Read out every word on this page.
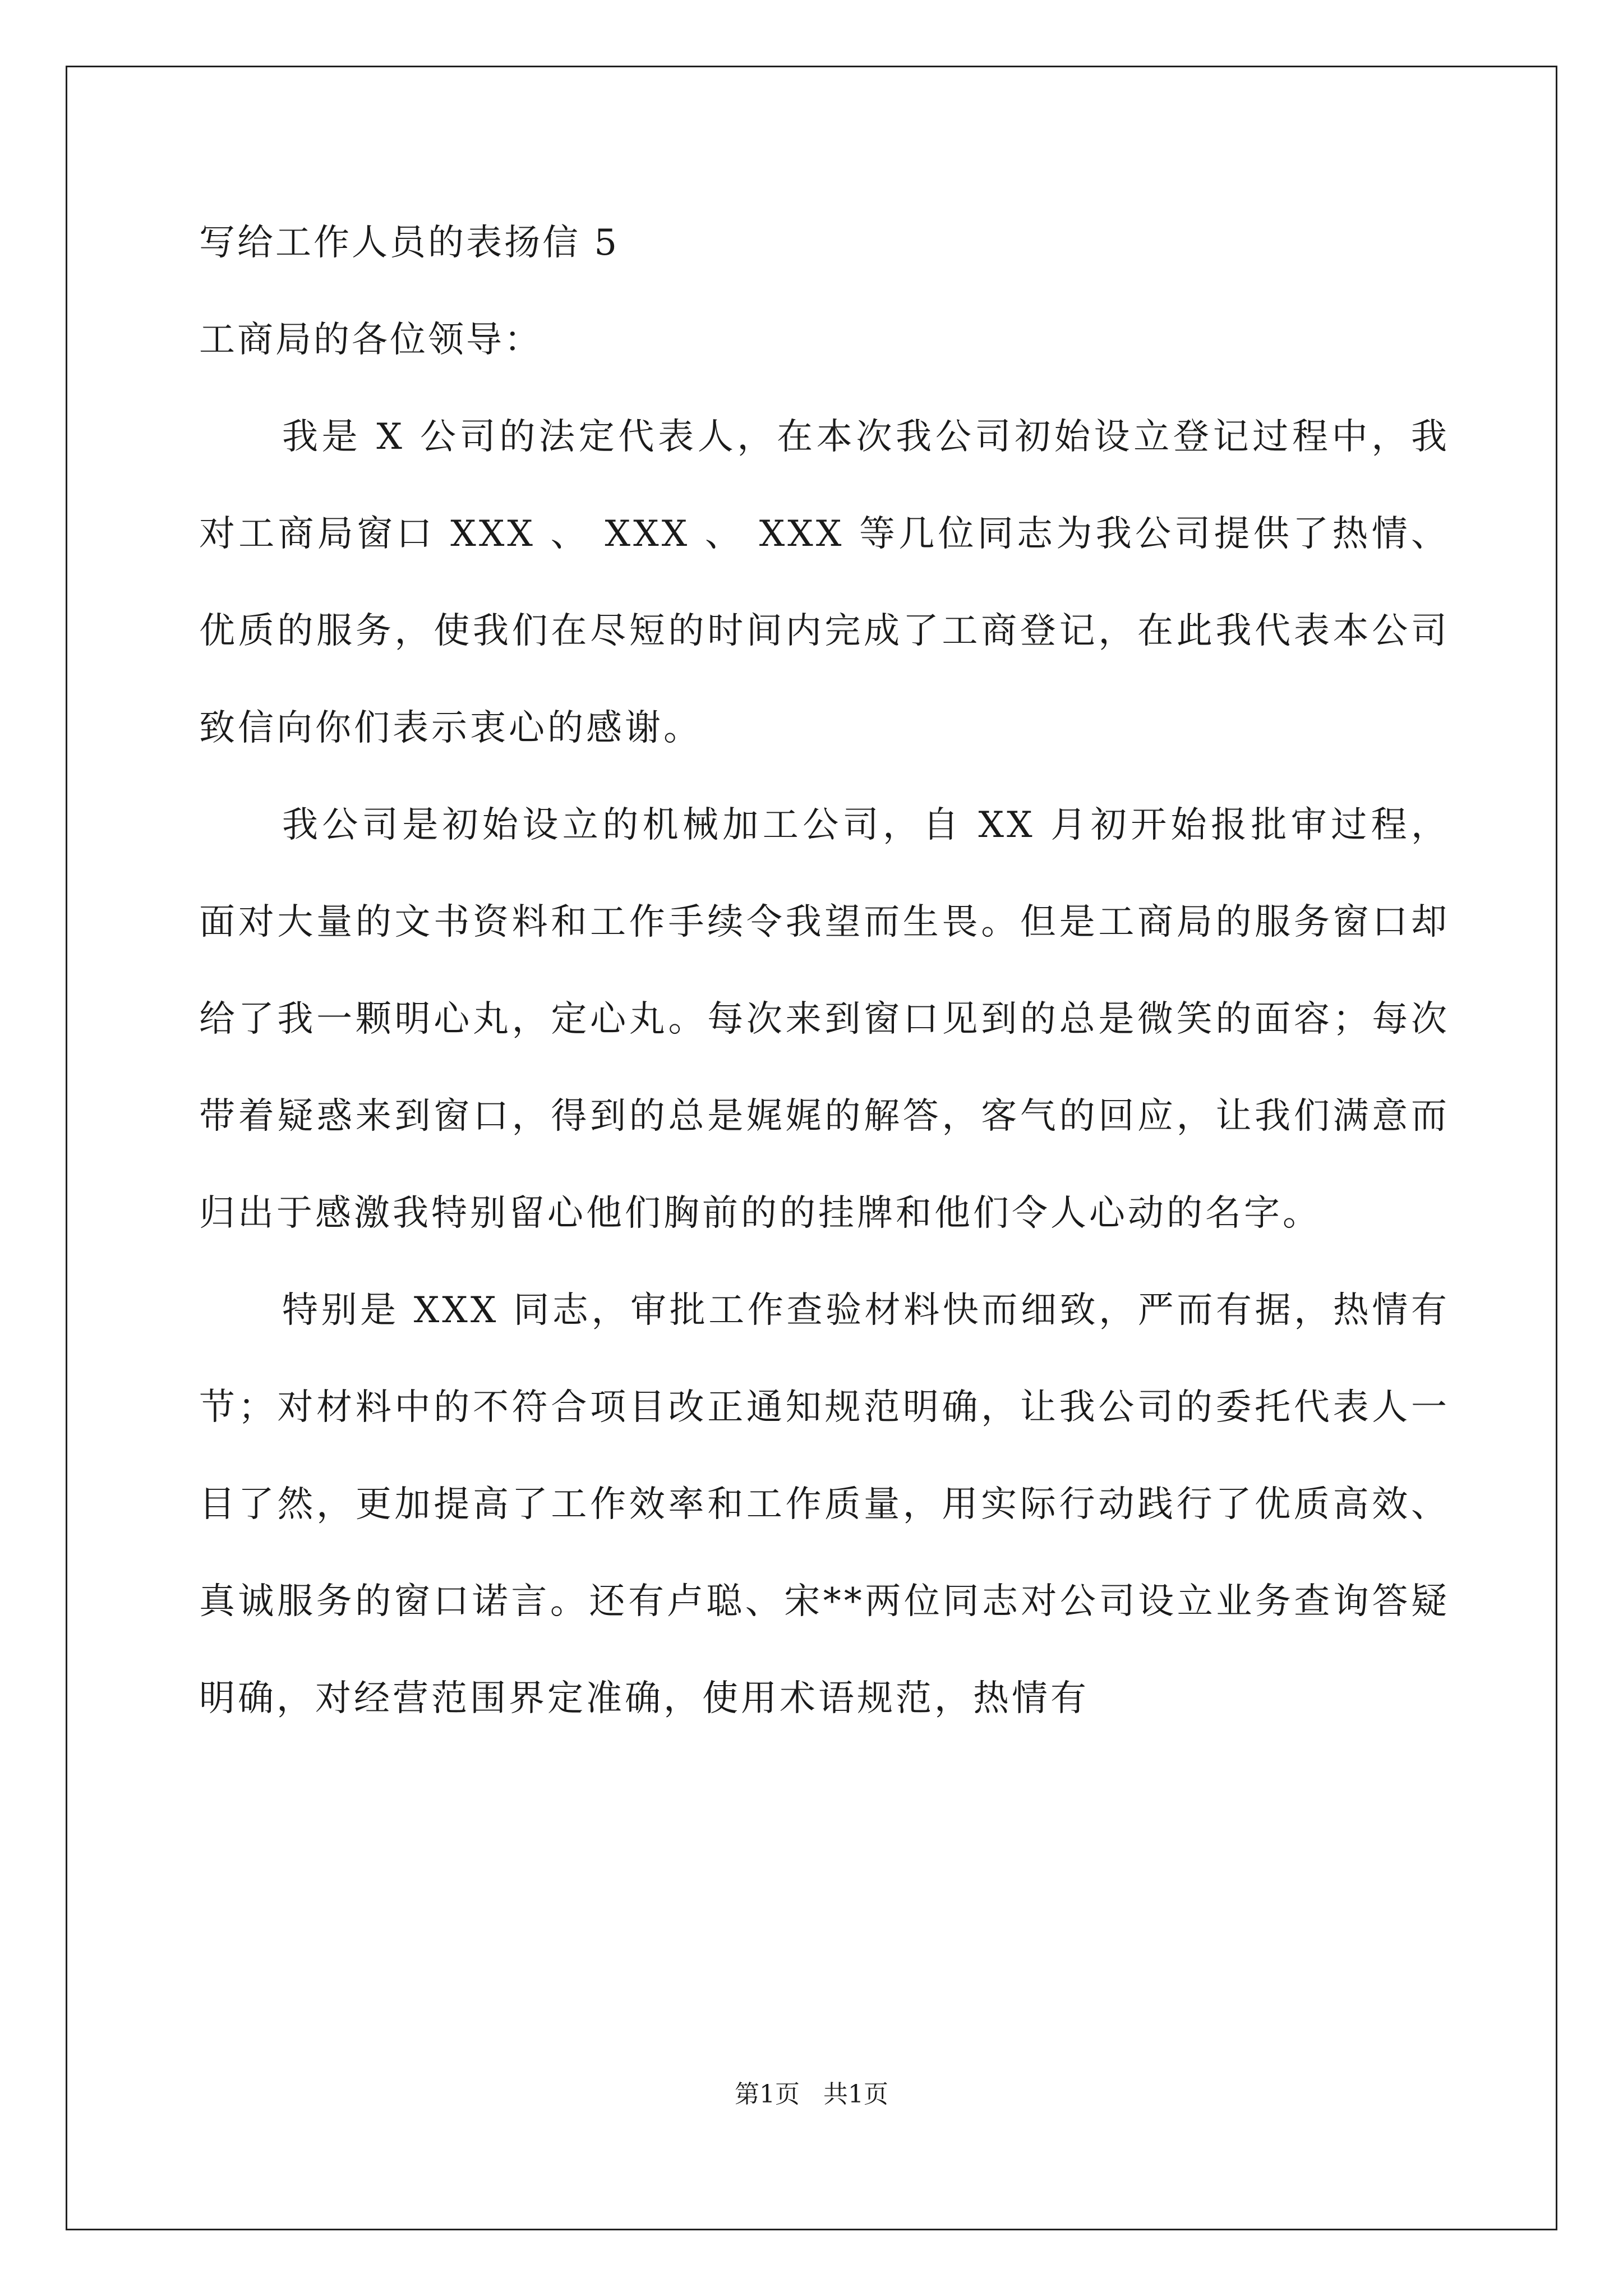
写给工作人员的表扬信 5
工商局的各位领导：

我是 X 公司的法定代表人，在本次我公司初始设立登记过程中，我对工商局窗口 XXX 、 XXX 、 XXX 等几位同志为我公司提供了热情、优质的服务，使我们在尽短的时间内完成了工商登记，在此我代表本公司致信向你们表示衷心的感谢。

我公司是初始设立的机械加工公司，自 XX 月初开始报批审过程，面对大量的文书资料和工作手续令我望而生畏。但是工商局的服务窗口却给了我一颗明心丸，定心丸。每次来到窗口见到的总是微笑的面容；每次带着疑惑来到窗口，得到的总是娓娓的解答，客气的回应，让我们满意而归出于感激我特别留心他们胸前的的挂牌和他们令人心动的名字。

特别是 XXX 同志，审批工作查验材料快而细致，严而有据，热情有节；对材料中的不符合项目改正通知规范明确，让我公司的委托代表人一目了然，更加提高了工作效率和工作质量，用实际行动践行了优质高效、真诚服务的窗口诺言。还有卢聪、宋**两位同志对公司设立业务查询答疑明确，对经营范围界定准确，使用术语规范，热情有

第1页 共1页
